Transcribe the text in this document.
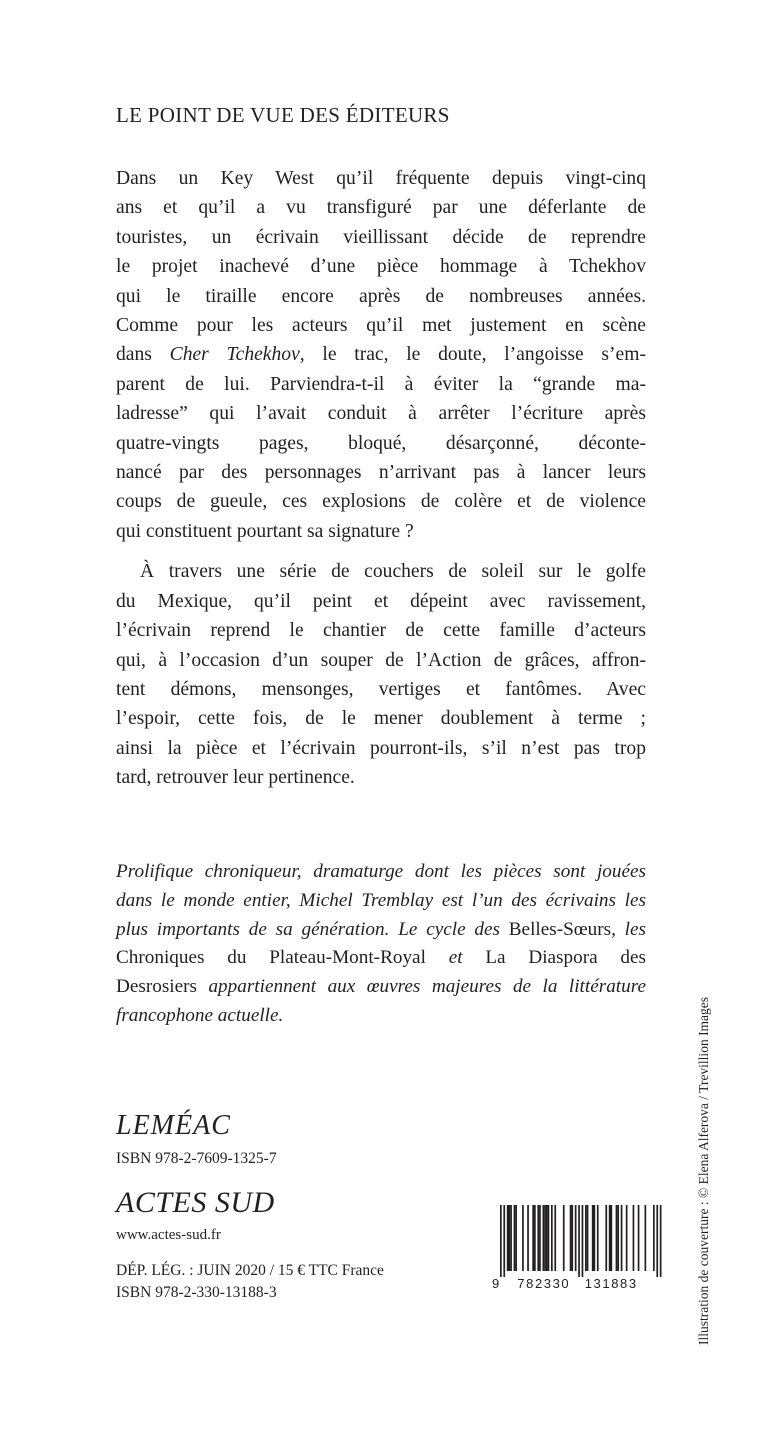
LE POINT DE VUE DES ÉDITEURS
Dans un Key West qu’il fréquente depuis vingt-cinq
ans et qu’il a vu transfiguré par une déferlante de
touristes, un écrivain vieillissant décide de reprendre
le projet inachevé d’une pièce hommage à Tchekhov
qui le tiraille encore après de nombreuses années.
Comme pour les acteurs qu’il met justement en scène
dans Cher Tchekhov, le trac, le doute, l’angoisse s’em-
parent de lui. Parviendra-t-il à éviter la “grande ma-
ladresse” qui l’avait conduit à arrêter l’écriture après
quatre-vingts pages, bloqué, désarçonné, déconte-
nancé par des personnages n’arrivant pas à lancer leurs
coups de gueule, ces explosions de colère et de violence
qui constituent pourtant sa signature ?
À travers une série de couchers de soleil sur le golfe
du Mexique, qu’il peint et dépeint avec ravissement,
l’écrivain reprend le chantier de cette famille d’acteurs
qui, à l’occasion d’un souper de l’Action de grâces, affron-
tent démons, mensonges, vertiges et fantômes. Avec
l’espoir, cette fois, de le mener doublement à terme ;
ainsi la pièce et l’écrivain pourront-ils, s’il n’est pas trop
tard, retrouver leur pertinence.
Prolifique chroniqueur, dramaturge dont les pièces sont jouées
dans le monde entier, Michel Tremblay est l’un des écrivains les
plus importants de sa génération. Le cycle des Belles-Sœurs, les
Chroniques du Plateau-Mont-Royal et La Diaspora des
Desrosiers appartiennent aux œuvres majeures de la littérature
francophone actuelle.
LEMÉAC
ISBN 978-2-7609-1325-7
ACTES SUD
www.actes-sud.fr
DÉP. LÉG. : JUIN 2020 / 15 € TTC France
ISBN 978-2-330-13188-3
9 782330 131883	Illustration de couverture : © Elena Alferova / Trevillion Images
